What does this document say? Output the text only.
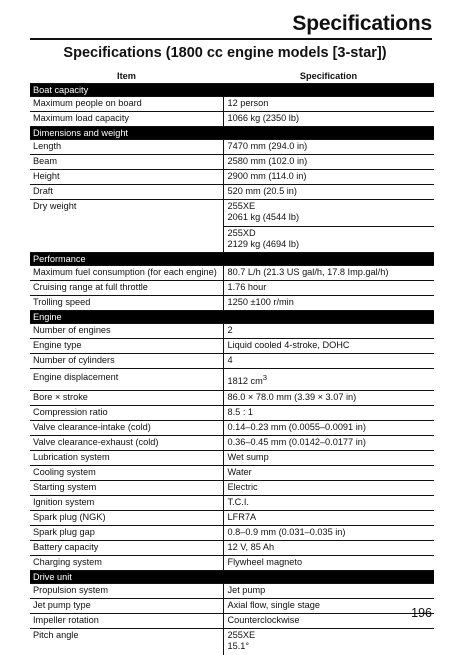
Specifications
Specifications (1800 cc engine models [3-star])
Item	Specification
Boat capacity	
Maximum people on board	12 person
Maximum load capacity	1066 kg (2350 lb)
Dimensions and weight	
Length	7470 mm (294.0 in)
Beam	2580 mm (102.0 in)
Height	2900 mm (114.0 in)
Draft	520 mm (20.5 in)
Dry weight	255XE
2061 kg (4544 lb)

	255XD
2129 kg (4694 lb)

Performance	
Maximum fuel consumption (for each engine)	80.7 L/h (21.3 US gal/h, 17.8 Imp.gal/h)
Cruising range at full throttle	1.76 hour
Trolling speed	1250 ±100 r/min
Engine	
Number of engines	2
Engine type	Liquid cooled 4-stroke, DOHC
Number of cylinders	4
Engine displacement	1812 $cm^3$
Bore × stroke	86.0 × 78.0 mm (3.39 × 3.07 in)
Compression ratio	8.5 : 1
Valve clearance-intake (cold)	0.14–0.23 mm (0.0055–0.0091 in)
Valve clearance-exhaust (cold)	0.36–0.45 mm (0.0142–0.0177 in)
Lubrication system	Wet sump
Cooling system	Water
Starting system	Electric
Ignition system	T.C.I.
Spark plug (NGK)	LFR7A
Spark plug gap	0.8–0.9 mm (0.031–0.035 in)
Battery capacity	12 V, 85 Ah
Charging system	Flywheel magneto
Drive unit	
Propulsion system	Jet pump
Jet pump type	Axial flow, single stage
Impeller rotation	Counterclockwise
Pitch angle	255XE
15.1°
196
